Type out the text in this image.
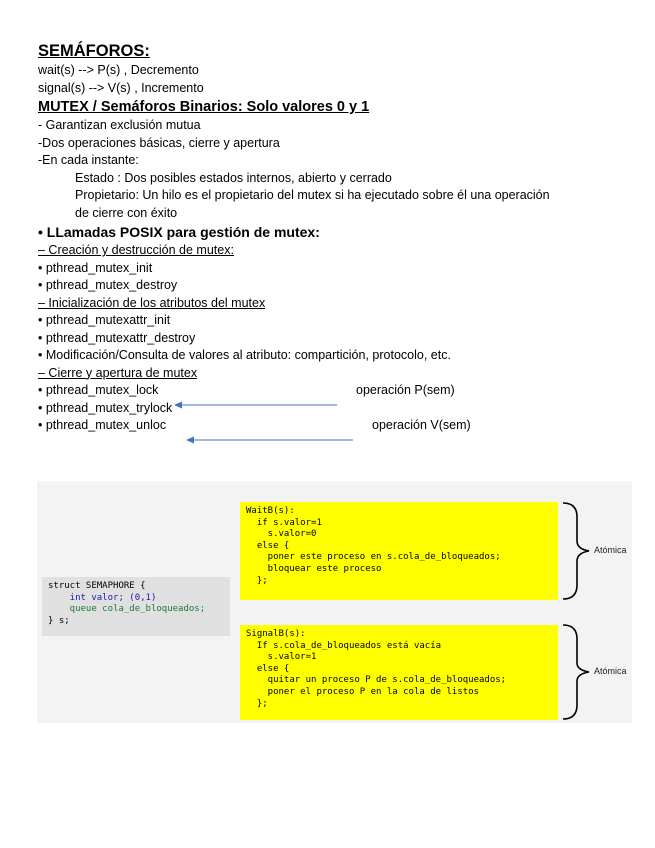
SEMÁFOROS:
wait(s) --> P(s) , Decremento
signal(s) --> V(s) , Incremento
MUTEX / Semáforos Binarios: Solo valores 0 y 1
- Garantizan exclusión mutua
-Dos operaciones básicas, cierre y apertura
-En cada instante:
Estado : Dos posibles estados internos, abierto y cerrado
Propietario: Un hilo es el propietario del mutex si ha ejecutado sobre él una operación
de cierre con éxito
• LLamadas POSIX para gestión de mutex:
– Creación y destrucción de mutex:
• pthread_mutex_init
• pthread_mutex_destroy
– Inicialización de los atributos del mutex
• pthread_mutexattr_init
• pthread_mutexattr_destroy
• Modificación/Consulta de valores al atributo: compartición, protocolo, etc.
– Cierre y apertura de mutex
• pthread_mutex_lock	operación P(sem)
• pthread_mutex_trylock
• pthread_mutex_unloc	operación V(sem)
struct SEMAPHORE {
int valor; (0,1)
queue cola_de_bloqueados;
} s;
WaitB(s):
if s.valor=1
s.valor=0
else {
poner este proceso en s.cola_de_bloqueados;
bloquear este proceso
};
SignalB(s):
If s.cola_de_bloqueados está vacía
s.valor=1
else {
quitar un proceso P de s.cola_de_bloqueados;
poner el proceso P en la cola de listos
};
Atómica
Atómica
